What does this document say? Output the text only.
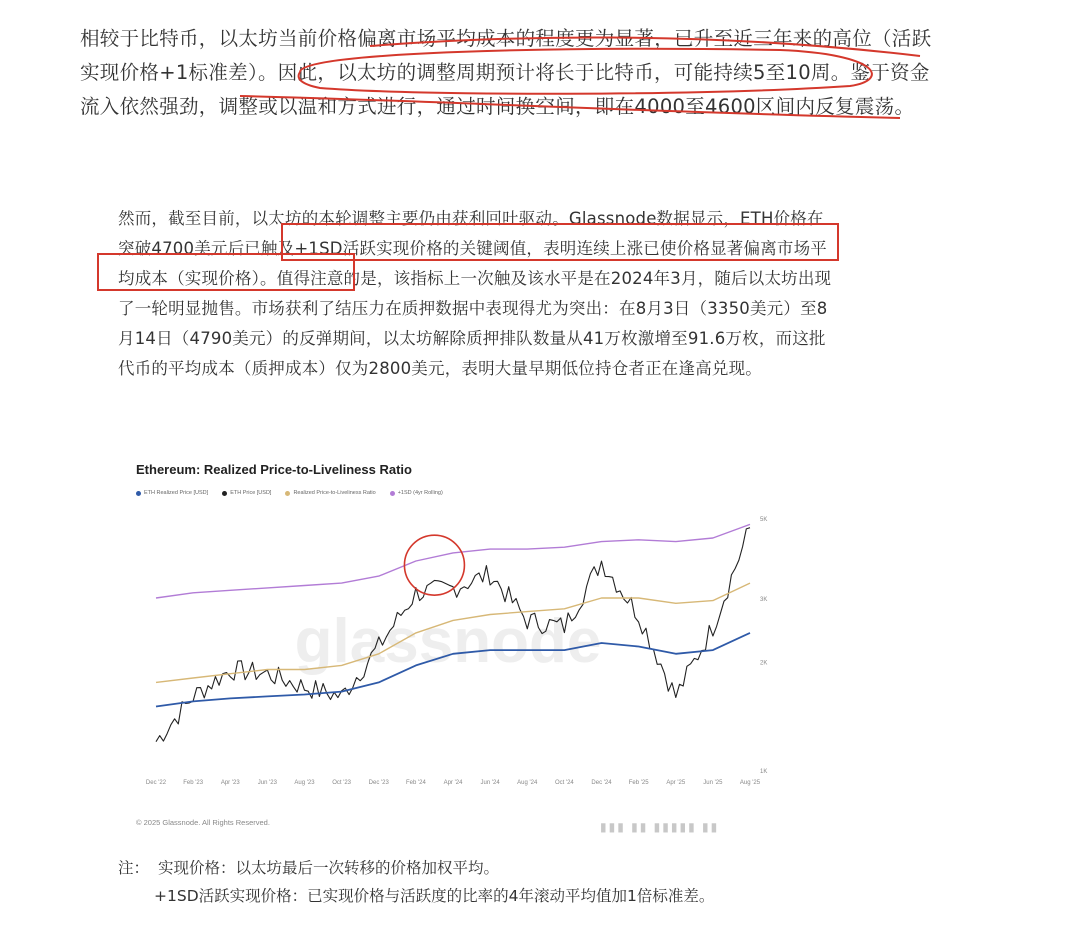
相较于比特币，以太坊当前价格偏离市场平均成本的程度更为显著，已升至近三年来的高位（活跃实现价格+1标准差）。因此，以太坊的调整周期预计将长于比特币，可能持续5至10周。鉴于资金流入依然强劲，调整或以温和方式进行，通过时间换空间，即在4000至4600区间内反复震荡。
然而，截至目前，以太坊的本轮调整主要仍由获利回吐驱动。Glassnode数据显示，ETH价格在突破4700美元后已触及+1SD活跃实现价格的关键阈值，表明连续上涨已使价格显著偏离市场平均成本（实现价格）。值得注意的是，该指标上一次触及该水平是在2024年3月，随后以太坊出现了一轮明显抛售。市场获利了结压力在质押数据中表现得尤为突出：在8月3日（3350美元）至8月14日（4790美元）的反弹期间，以太坊解除质押排队数量从41万枚激增至91.6万枚，而这批代币的平均成本（质押成本）仅为2800美元，表明大量早期低位持仓者正在逢高兑现。
Ethereum: Realized Price-to-Liveliness Ratio
ETH Realized Price [USD]	ETH Price [USD]	Realized Price-to-Liveliness Ratio	+1SD (4yr Rolling)
glassnode
5K
3K
2K
1K
Dec '22	Feb '23	Apr '23	Jun '23	Aug '23	Oct '23	Dec '23	Feb '24	Apr '24	Jun '24	Aug '24	Oct '24	Dec '24	Feb '25	Apr '25	Jun '25	Aug '25
© 2025 Glassnode. All Rights Reserved.	▮▮▮ ▮▮ ▮▮▮▮▮ ▮▮
注： 实现价格：以太坊最后一次转移的价格加权平均。
+1SD活跃实现价格：已实现价格与活跃度的比率的4年滚动平均值加1倍标准差。
